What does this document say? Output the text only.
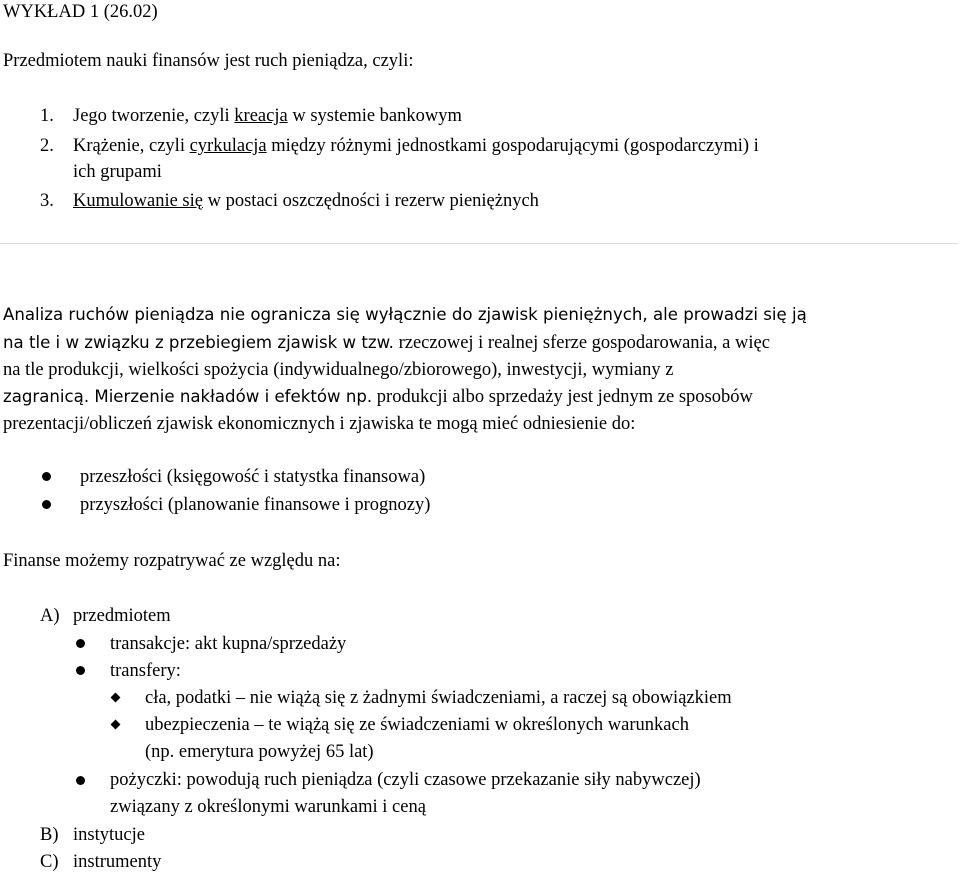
WYKŁAD 1 (26.02)
Przedmiotem nauki finansów jest ruch pieniądza, czyli:
1. Jego tworzenie, czyli kreacja w systemie bankowym
2. Krążenie, czyli cyrkulacja między różnymi jednostkami gospodarującymi (gospodarczymi) i
ich grupami
3. Kumulowanie się w postaci oszczędności i rezerw pieniężnych
Analiza ruchów pieniądza nie ogranicza się wyłącznie do zjawisk pieniężnych, ale prowadzi się ją
na tle i w związku z przebiegiem zjawisk w tzw. rzeczowej i realnej sferze gospodarowania, a więc
na tle produkcji, wielkości spożycia (indywidualnego/zbiorowego), inwestycji, wymiany z
zagranicą. Mierzenie nakładów i efektów np. produkcji albo sprzedaży jest jednym ze sposobów
prezentacji/obliczeń zjawisk ekonomicznych i zjawiska te mogą mieć odniesienie do:
przeszłości (księgowość i statystka finansowa)
przyszłości (planowanie finansowe i prognozy)
Finanse możemy rozpatrywać ze względu na:
A) przedmiotem
transakcje: akt kupna/sprzedaży
transfery:
cła, podatki – nie wiążą się z żadnymi świadczeniami, a raczej są obowiązkiem
ubezpieczenia – te wiążą się ze świadczeniami w określonych warunkach
(np. emerytura powyżej 65 lat)
pożyczki: powodują ruch pieniądza (czyli czasowe przekazanie siły nabywczej)
związany z określonymi warunkami i ceną
B) instytucje
C) instrumenty
